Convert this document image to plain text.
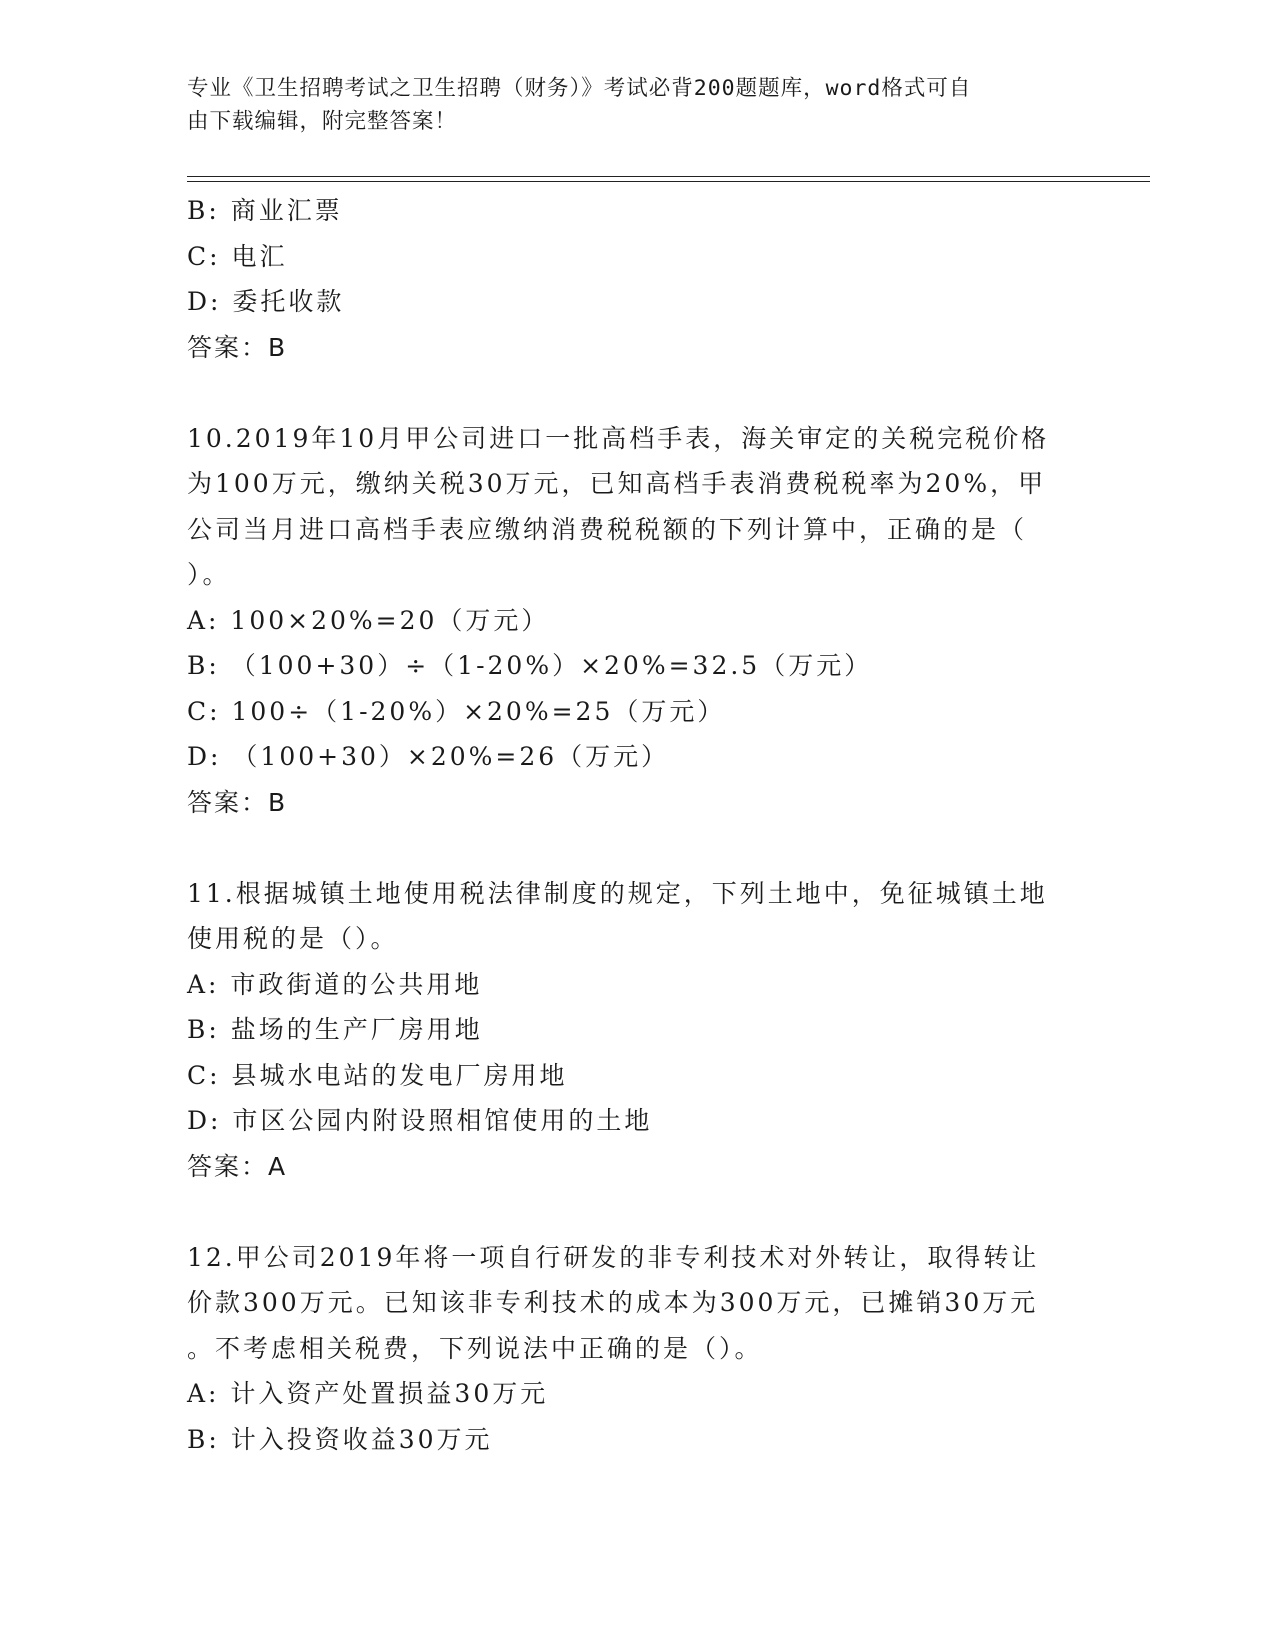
专业《卫生招聘考试之卫生招聘（财务）》考试必背200题题库，word格式可自
由下载编辑，附完整答案！
B: 商业汇票
C: 电汇
D: 委托收款
答案：B
10.2019年10月甲公司进口一批高档手表，海关审定的关税完税价格
为100万元，缴纳关税30万元，已知高档手表消费税税率为20%，甲
公司当月进口高档手表应缴纳消费税税额的下列计算中，正确的是（
）。
A: 100×20%=20（万元）
B: （100+30）÷（1-20%）×20%=32.5（万元）
C: 100÷（1-20%）×20%=25（万元）
D: （100+30）×20%=26（万元）
答案：B
11.根据城镇土地使用税法律制度的规定，下列土地中，免征城镇土地
使用税的是（）。
A: 市政街道的公共用地
B: 盐场的生产厂房用地
C: 县城水电站的发电厂房用地
D: 市区公园内附设照相馆使用的土地
答案：A
12.甲公司2019年将一项自行研发的非专利技术对外转让，取得转让
价款300万元。已知该非专利技术的成本为300万元，已摊销30万元
。不考虑相关税费，下列说法中正确的是（）。
A: 计入资产处置损益30万元
B: 计入投资收益30万元
